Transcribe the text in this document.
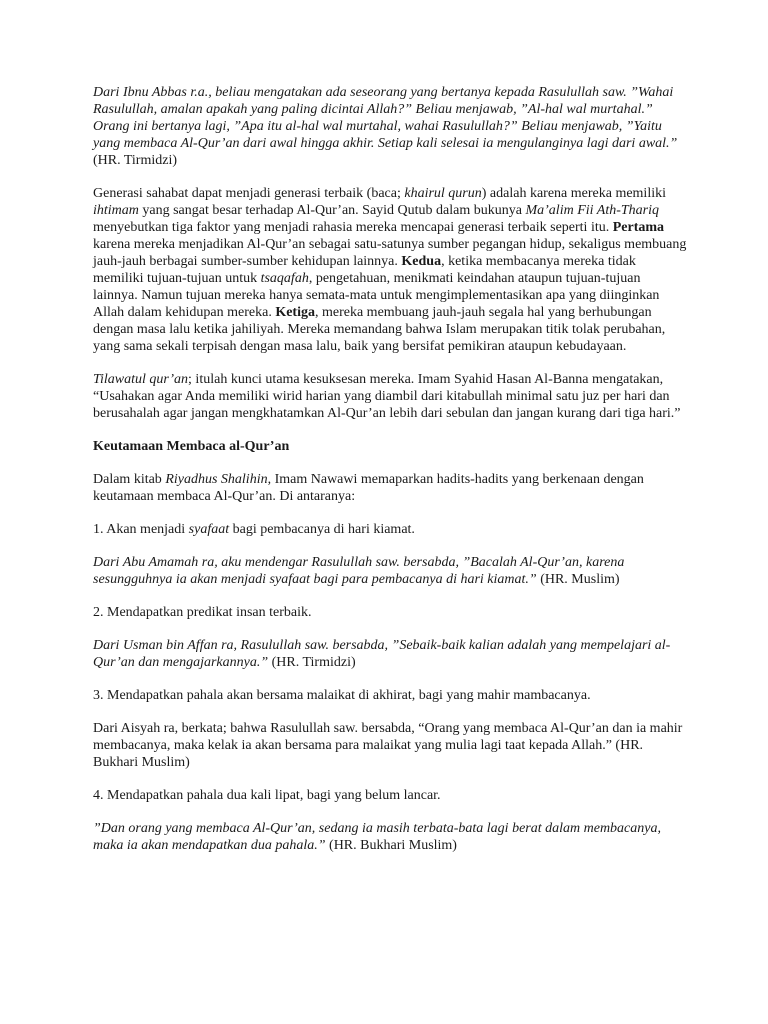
Dari Ibnu Abbas r.a., beliau mengatakan ada seseorang yang bertanya kepada Rasulullah saw. ”Wahai Rasulullah, amalan apakah yang paling dicintai Allah?” Beliau menjawab, ”Al-hal wal murtahal.” Orang ini bertanya lagi, ”Apa itu al-hal wal murtahal, wahai Rasulullah?” Beliau menjawab, ”Yaitu yang membaca Al-Qur’an dari awal hingga akhir. Setiap kali selesai ia mengulanginya lagi dari awal.” (HR. Tirmidzi)

Generasi sahabat dapat menjadi generasi terbaik (baca; khairul qurun) adalah karena mereka memiliki ihtimam yang sangat besar terhadap Al-Qur’an. Sayid Qutub dalam bukunya Ma’alim Fii Ath-Thariq menyebutkan tiga faktor yang menjadi rahasia mereka mencapai generasi terbaik seperti itu. Pertama karena mereka menjadikan Al-Qur’an sebagai satu-satunya sumber pegangan hidup, sekaligus membuang jauh-jauh berbagai sumber-sumber kehidupan lainnya. Kedua, ketika membacanya mereka tidak memiliki tujuan-tujuan untuk tsaqafah, pengetahuan, menikmati keindahan ataupun tujuan-tujuan lainnya. Namun tujuan mereka hanya semata-mata untuk mengimplementasikan apa yang diinginkan Allah dalam kehidupan mereka. Ketiga, mereka membuang jauh-jauh segala hal yang berhubungan dengan masa lalu ketika jahiliyah. Mereka memandang bahwa Islam merupakan titik tolak perubahan, yang sama sekali terpisah dengan masa lalu, baik yang bersifat pemikiran ataupun kebudayaan.

Tilawatul qur’an; itulah kunci utama kesuksesan mereka. Imam Syahid Hasan Al-Banna mengatakan, “Usahakan agar Anda memiliki wirid harian yang diambil dari kitabullah minimal satu juz per hari dan berusahalah agar jangan mengkhatamkan Al-Qur’an lebih dari sebulan dan jangan kurang dari tiga hari.”

Keutamaan Membaca al-Qur’an

Dalam kitab Riyadhus Shalihin, Imam Nawawi memaparkan hadits-hadits yang berkenaan dengan keutamaan membaca Al-Qur’an. Di antaranya:

1. Akan menjadi syafaat bagi pembacanya di hari kiamat.

Dari Abu Amamah ra, aku mendengar Rasulullah saw. bersabda, ”Bacalah Al-Qur’an, karena sesungguhnya ia akan menjadi syafaat bagi para pembacanya di hari kiamat.” (HR. Muslim)

2. Mendapatkan predikat insan terbaik.

Dari Usman bin Affan ra, Rasulullah saw. bersabda, ”Sebaik-baik kalian adalah yang mempelajari al-Qur’an dan mengajarkannya.” (HR. Tirmidzi)

3. Mendapatkan pahala akan bersama malaikat di akhirat, bagi yang mahir mambacanya.

Dari Aisyah ra, berkata; bahwa Rasulullah saw. bersabda, “Orang yang membaca Al-Qur’an dan ia mahir membacanya, maka kelak ia akan bersama para malaikat yang mulia lagi taat kepada Allah.” (HR. Bukhari Muslim)

4. Mendapatkan pahala dua kali lipat, bagi yang belum lancar.

”Dan orang yang membaca Al-Qur’an, sedang ia masih terbata-bata lagi berat dalam membacanya, maka ia akan mendapatkan dua pahala.” (HR. Bukhari Muslim)
